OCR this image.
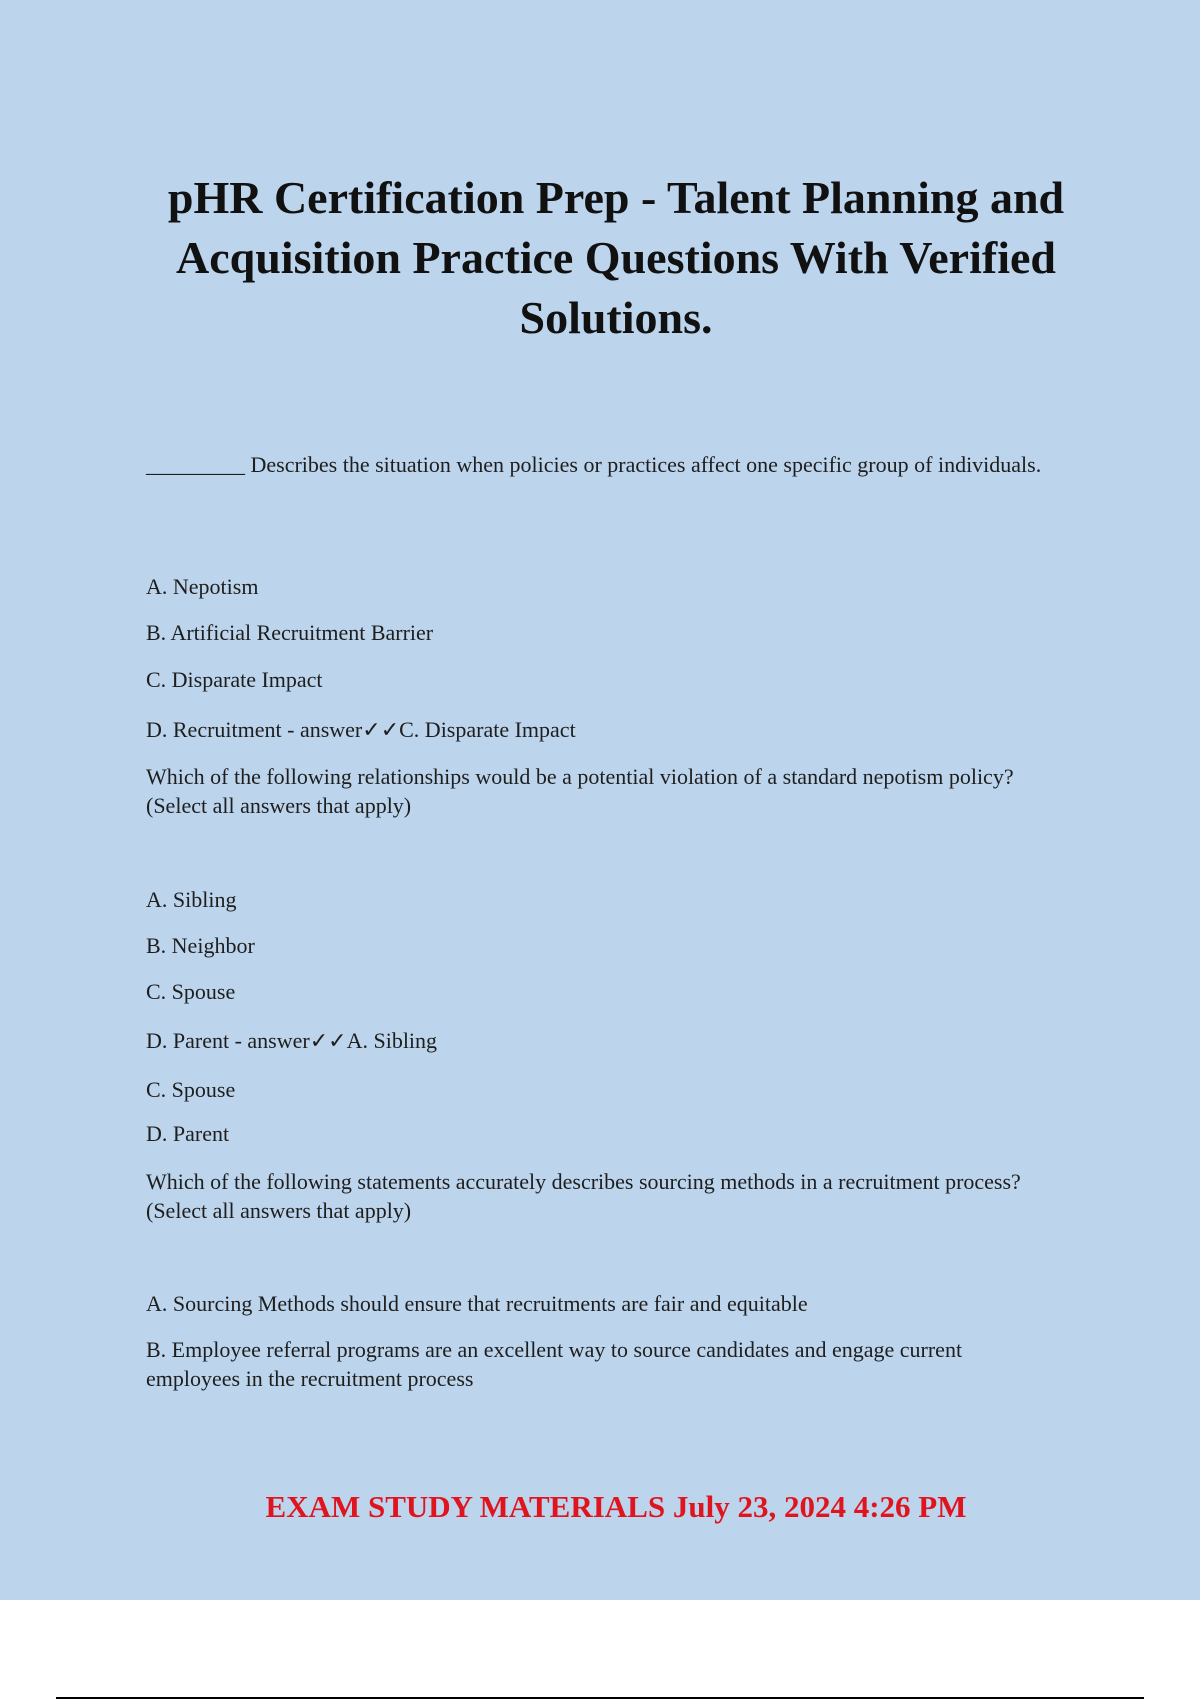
pHR Certification Prep - Talent Planning and Acquisition Practice Questions With Verified Solutions.

_________ Describes the situation when policies or practices affect one specific group of individuals.

A. Nepotism

B. Artificial Recruitment Barrier

C. Disparate Impact

D. Recruitment - answer✓✓C. Disparate Impact

Which of the following relationships would be a potential violation of a standard nepotism policy? (Select all answers that apply)

A. Sibling

B. Neighbor

C. Spouse

D. Parent - answer✓✓A. Sibling

C. Spouse

D. Parent

Which of the following statements accurately describes sourcing methods in a recruitment process? (Select all answers that apply)

A. Sourcing Methods should ensure that recruitments are fair and equitable

B. Employee referral programs are an excellent way to source candidates and engage current employees in the recruitment process

EXAM STUDY MATERIALS July 23, 2024 4:26 PM
